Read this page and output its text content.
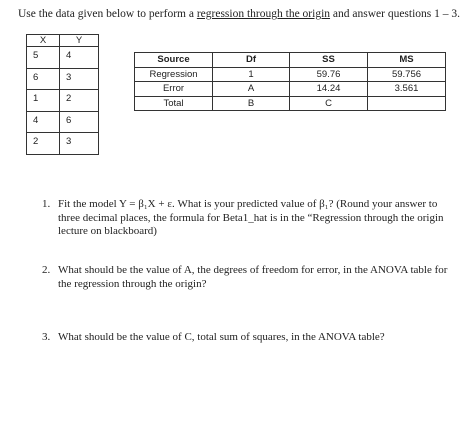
Use the data given below to perform a regression through the origin and answer questions 1 – 3.
X	Y
5	4
6	3
1	2
4	6
2	3
Source	Df	SS	MS
Regression	1	59.76	59.756
Error	A	14.24	3.561
Total	B	C	
1. Fit the model Y = β₁X + ε. What is your predicted value of β₁? (Round your answer to
three decimal places, the formula for Beta1_hat is in the “Regression through the origin
lecture on blackboard)
2. What should be the value of A, the degrees of freedom for error, in the ANOVA table for
the regression through the origin?
3. What should be the value of C, total sum of squares, in the ANOVA table?
